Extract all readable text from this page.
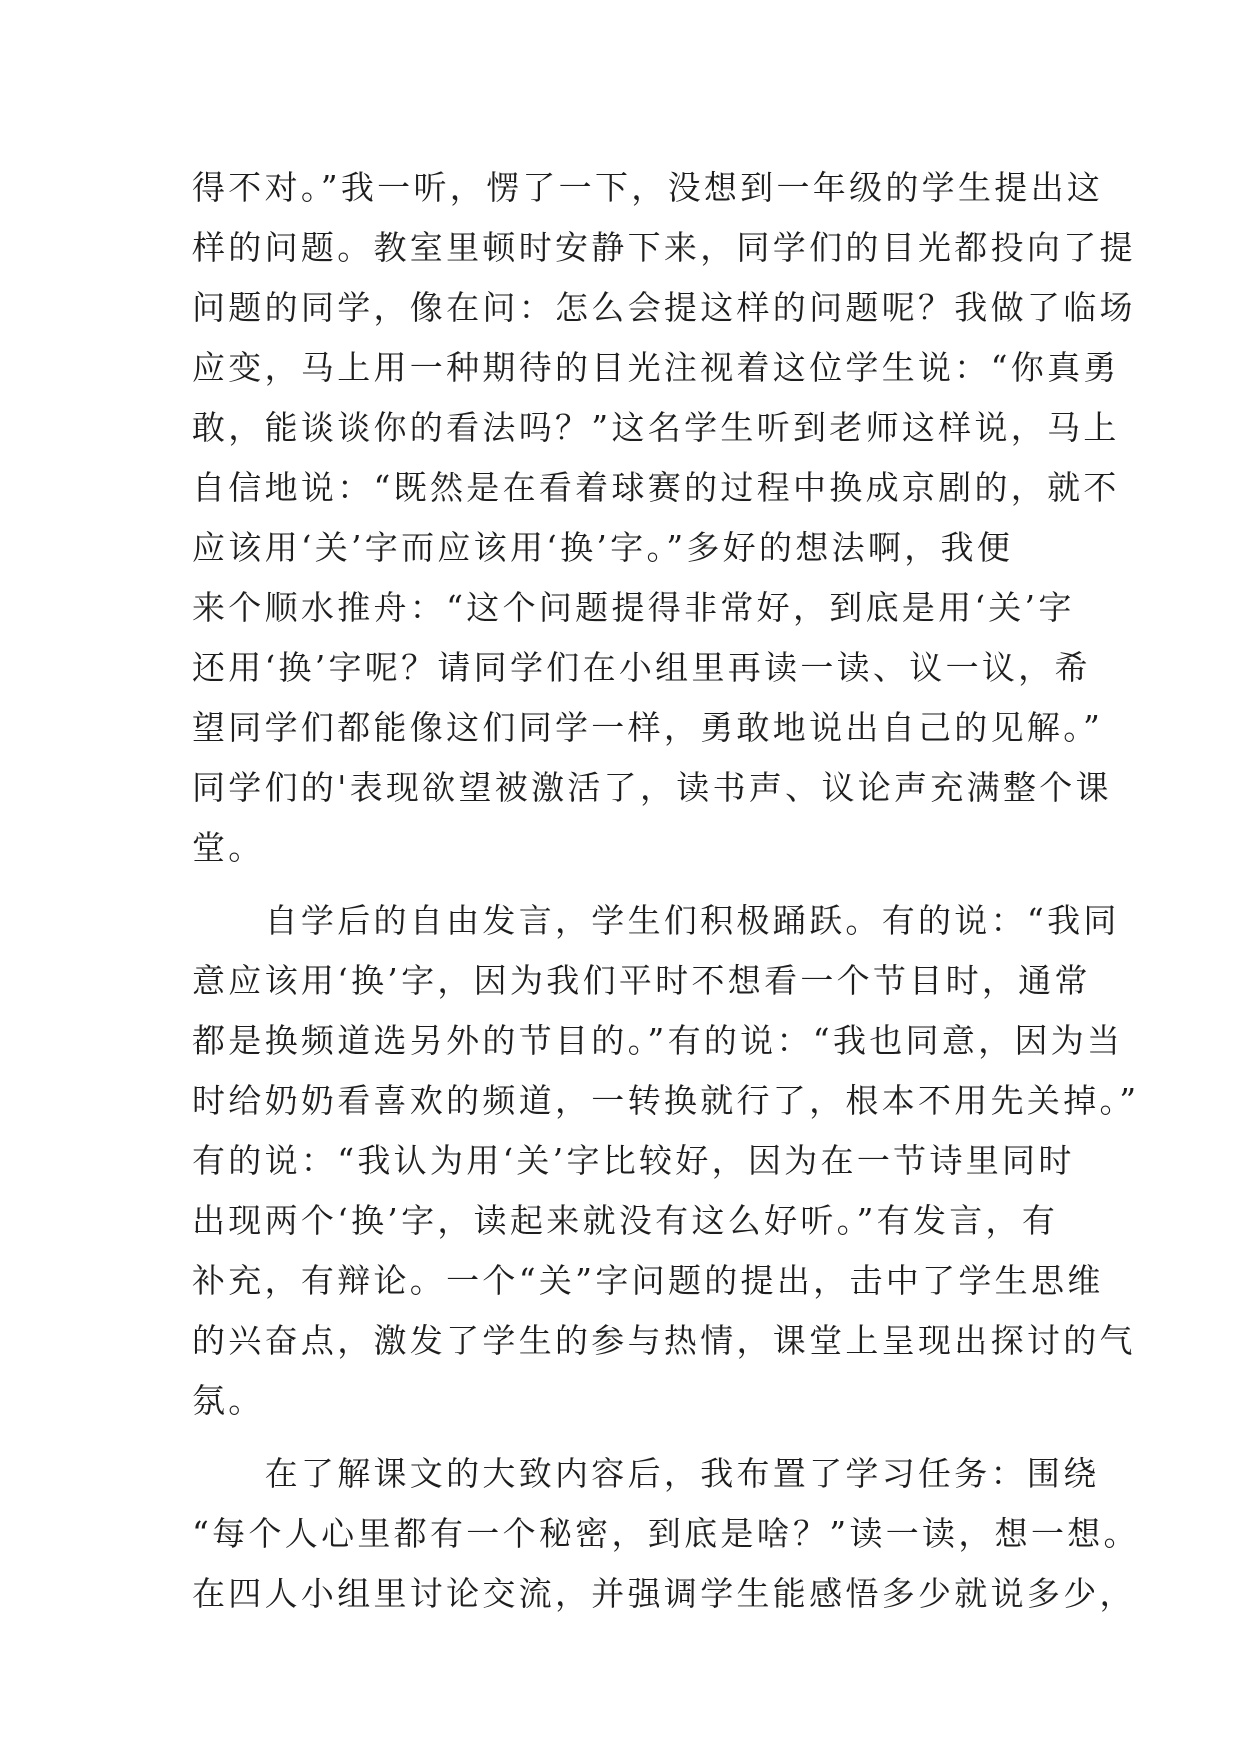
得不对。”我一听，愣了一下，没想到一年级的学生提出这
样的问题。教室里顿时安静下来，同学们的目光都投向了提
问题的同学，像在问：怎么会提这样的问题呢？我做了临场
应变，马上用一种期待的目光注视着这位学生说：“你真勇
敢，能谈谈你的看法吗？”这名学生听到老师这样说，马上
自信地说：“既然是在看着球赛的过程中换成京剧的，就不
应该用‘关’字而应该用‘换’字。”多好的想法啊，我便
来个顺水推舟：“这个问题提得非常好，到底是用‘关’字
还用‘换’字呢？请同学们在小组里再读一读、议一议，希
望同学们都能像这们同学一样，勇敢地说出自己的见解。”
同学们的'表现欲望被激活了，读书声、议论声充满整个课
堂。
　　自学后的自由发言，学生们积极踊跃。有的说：“我同
意应该用‘换’字，因为我们平时不想看一个节目时，通常
都是换频道选另外的节目的。”有的说：“我也同意，因为当
时给奶奶看喜欢的频道，一转换就行了，根本不用先关掉。”
有的说：“我认为用‘关’字比较好，因为在一节诗里同时
出现两个‘换’字，读起来就没有这么好听。”有发言，有
补充，有辩论。一个“关”字问题的提出，击中了学生思维
的兴奋点，激发了学生的参与热情，课堂上呈现出探讨的气
氛。
　　在了解课文的大致内容后，我布置了学习任务：围绕
“每个人心里都有一个秘密，到底是啥？”读一读，想一想。
在四人小组里讨论交流，并强调学生能感悟多少就说多少，
